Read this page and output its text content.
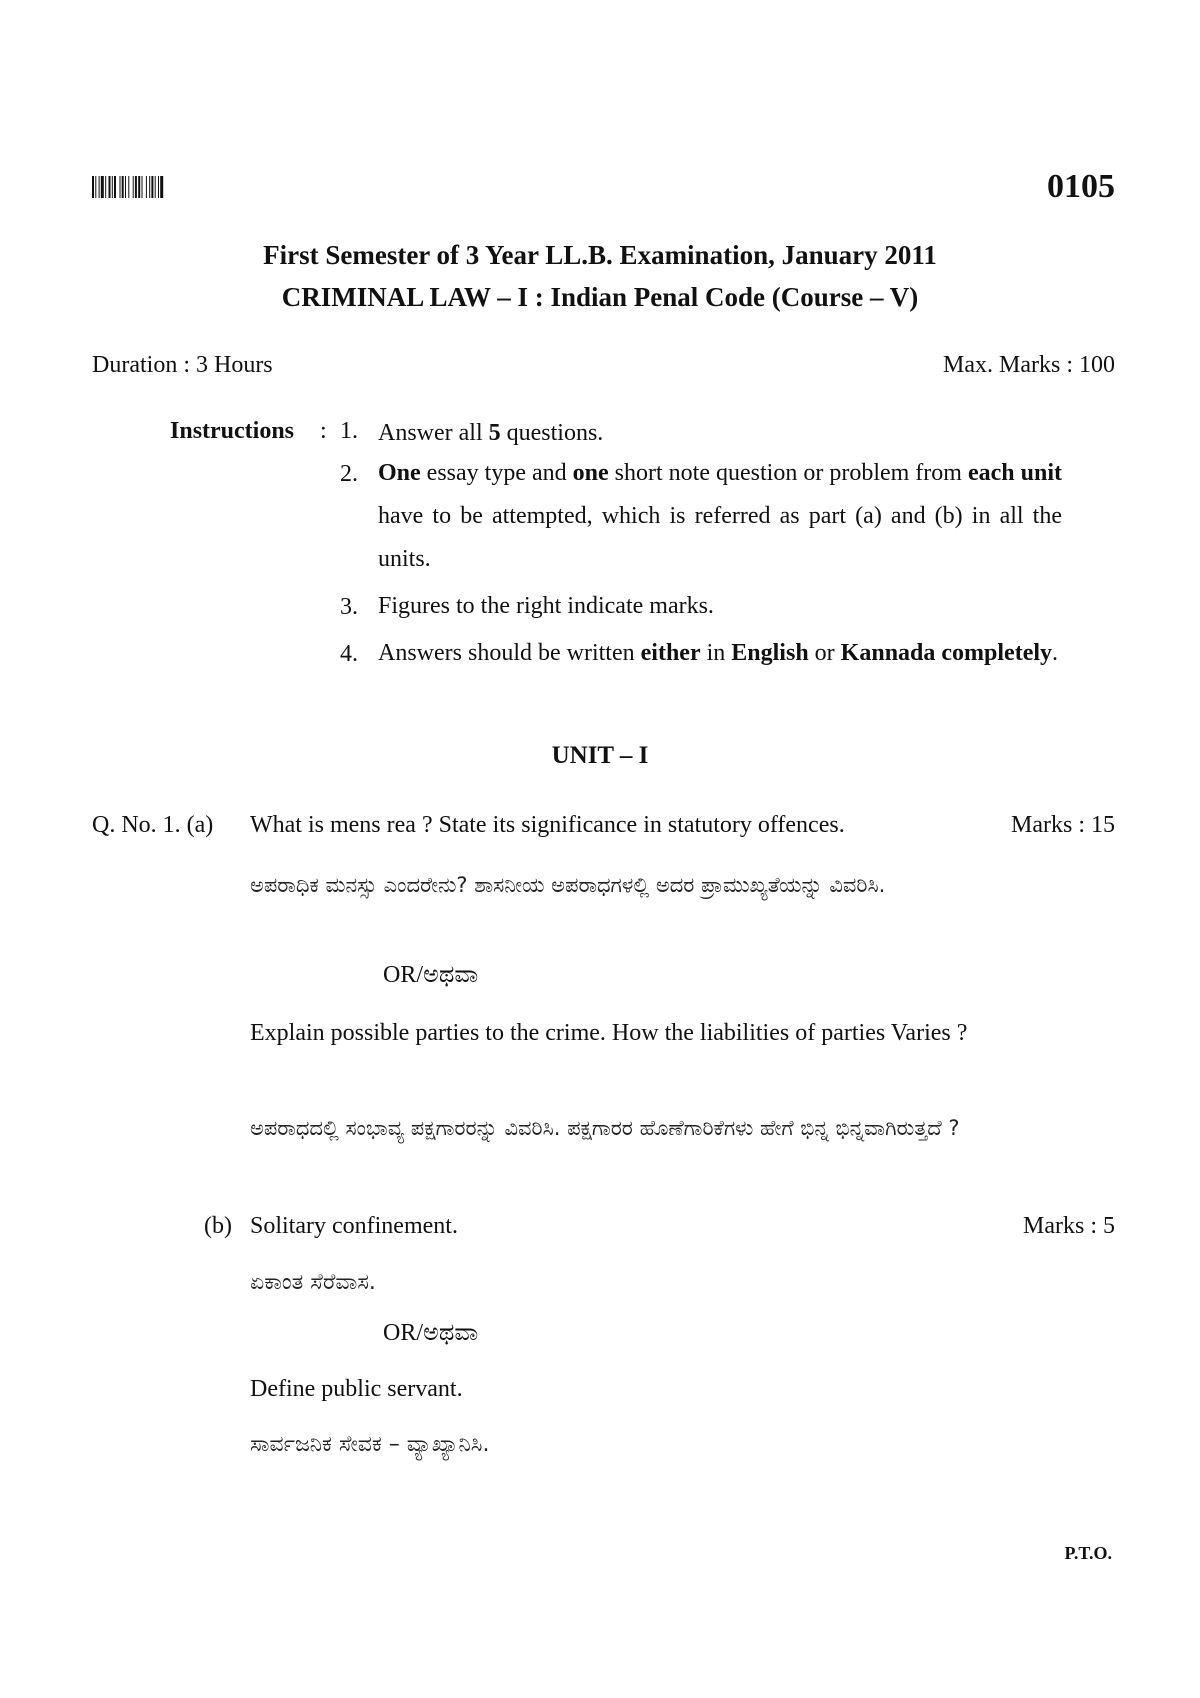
0105
First Semester of 3 Year LL.B. Examination, January 2011
CRIMINAL LAW – I : Indian Penal Code (Course – V)
Duration : 3 Hours	Max. Marks : 100
Instructions : 1. Answer all 5 questions.
2. One essay type and one short note question or problem from each unit have to be attempted, which is referred as part (a) and (b) in all the units.
3. Figures to the right indicate marks.
4. Answers should be written either in English or Kannada completely.
UNIT – I
Q. No. 1. (a) What is mens rea ? State its significance in statutory offences.	Marks : 15
ಅಪರಾಧಿಕ ಮನಸ್ಸು ಎಂದರೇನು? ಶಾಸನೀಯ ಅಪರಾಧಗಳಲ್ಲಿ ಅದರ ಪ್ರಾಮುಖ್ಯತೆಯನ್ನು ವಿವರಿಸಿ.
OR/ಅಥವಾ
Explain possible parties to the crime. How the liabilities of parties Varies ?
ಅಪರಾಧದಲ್ಲಿ ಸಂಭಾವ್ಯ ಪಕ್ಷಗಾರರನ್ನು ವಿವರಿಸಿ. ಪಕ್ಷಗಾರರ ಹೊಣೆಗಾರಿಕೆಗಳು ಹೇಗೆ ಭಿನ್ನ ಭಿನ್ನವಾಗಿರುತ್ತದೆ ?
(b) Solitary confinement.	Marks : 5
ಏಕಾಂತ ಸೆರೆವಾಸ.
OR/ಅಥವಾ
Define public servant.
ಸಾರ್ವಜನಿಕ ಸೇವಕ – ವ್ಯಾಖ್ಯಾನಿಸಿ.
P.T.O.
